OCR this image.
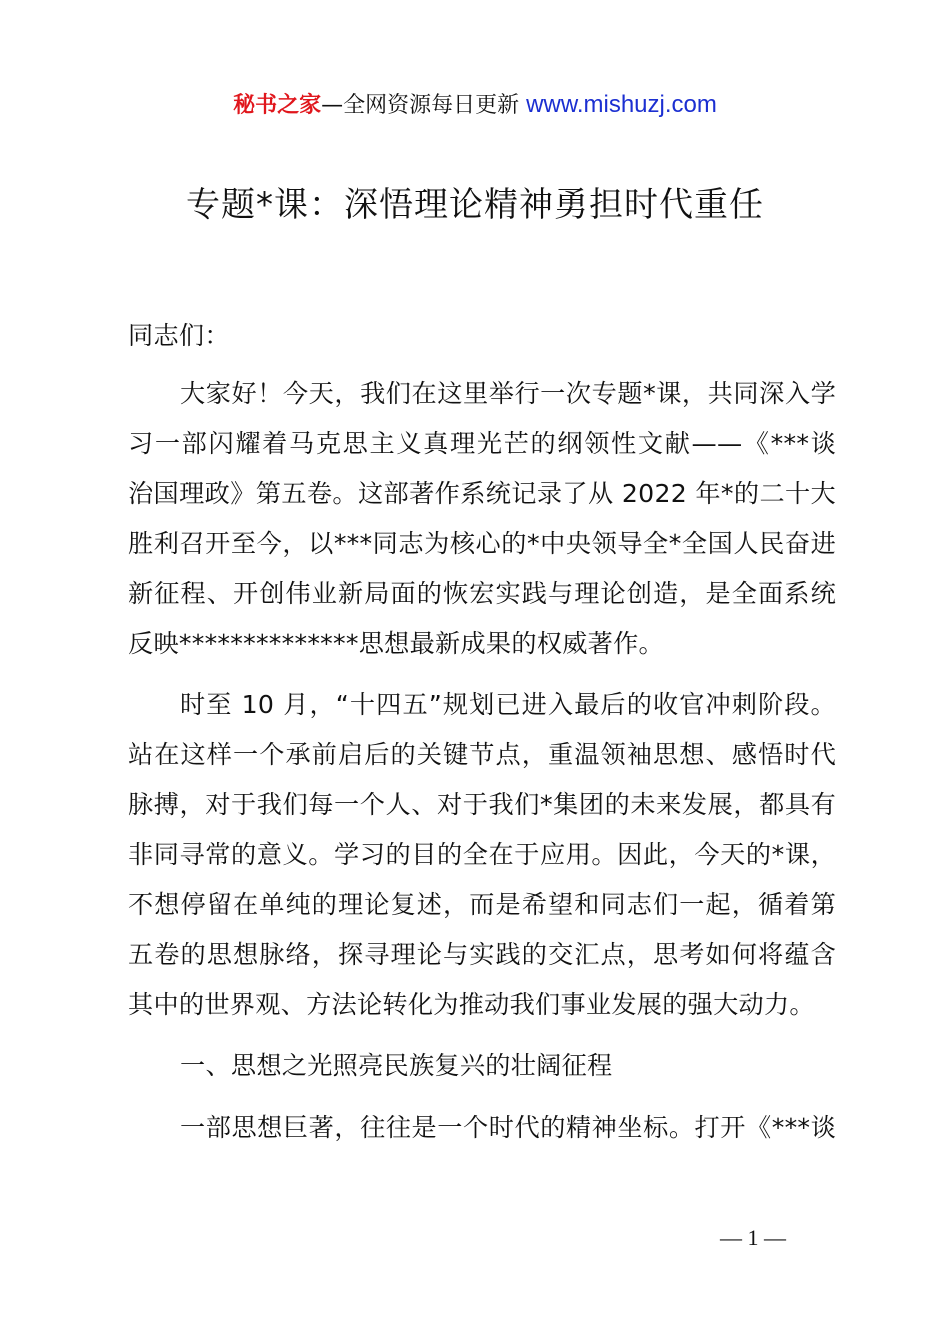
秘书之家—全网资源每日更新 www.mishuzj.com
专题*课：深悟理论精神勇担时代重任
同志们：
大家好！今天，我们在这里举行一次专题*课，共同深入学
习一部闪耀着马克思主义真理光芒的纲领性文献——《***谈
治国理政》第五卷。这部著作系统记录了从 2022 年*的二十大
胜利召开至今，以***同志为核心的*中央领导全*全国人民奋进
新征程、开创伟业新局面的恢宏实践与理论创造，是全面系统
反映**************思想最新成果的权威著作。
时至 10 月，“十四五”规划已进入最后的收官冲刺阶段。
站在这样一个承前启后的关键节点，重温领袖思想、感悟时代
脉搏，对于我们每一个人、对于我们*集团的未来发展，都具有
非同寻常的意义。学习的目的全在于应用。因此，今天的*课，
不想停留在单纯的理论复述，而是希望和同志们一起，循着第
五卷的思想脉络，探寻理论与实践的交汇点，思考如何将蕴含
其中的世界观、方法论转化为推动我们事业发展的强大动力。
一、思想之光照亮民族复兴的壮阔征程
一部思想巨著，往往是一个时代的精神坐标。打开《***谈
— 1 —
